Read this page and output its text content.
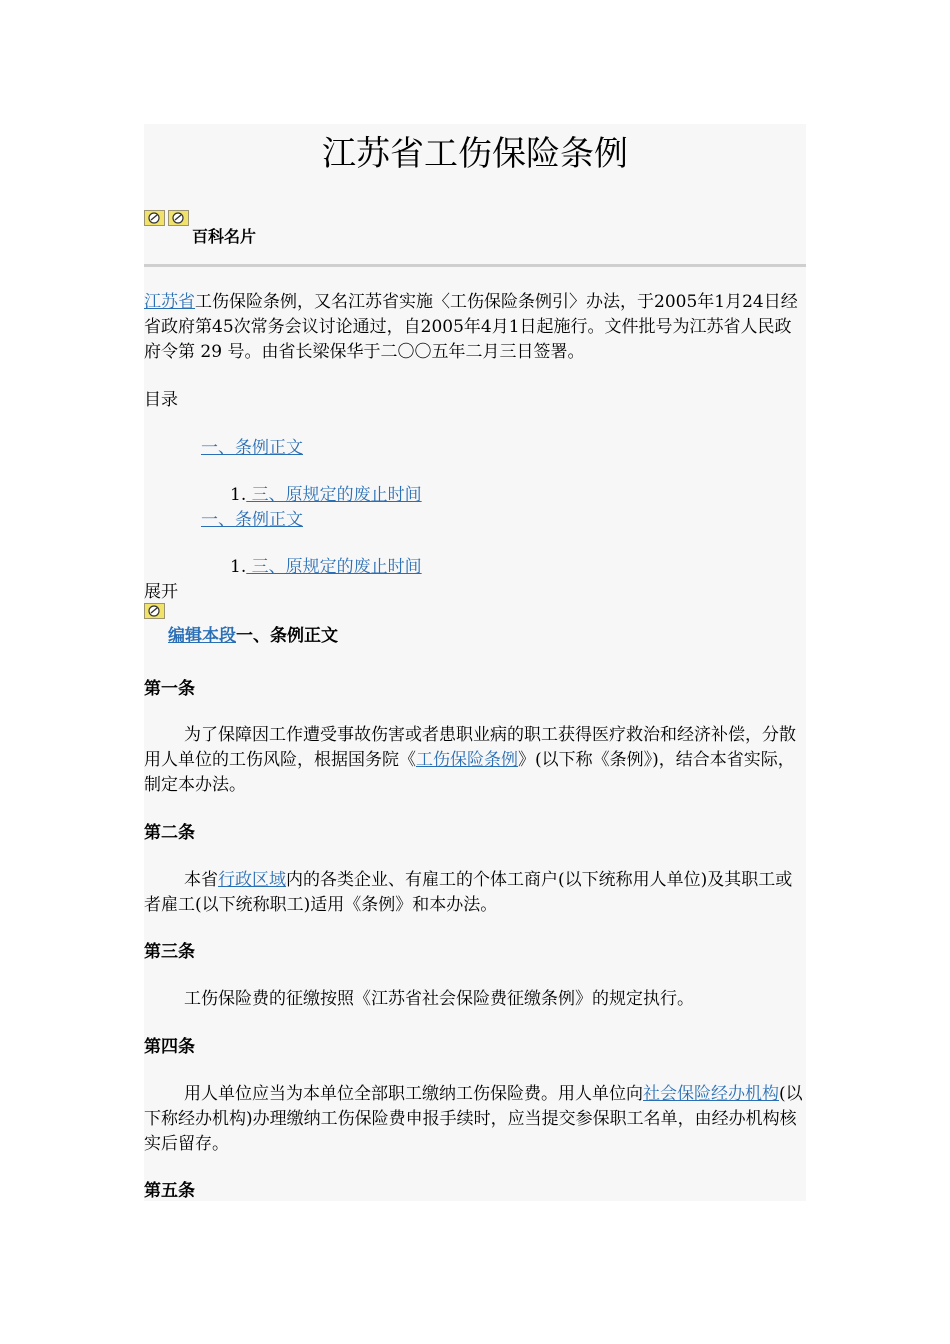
江苏省工伤保险条例
百科名片

江苏省工伤保险条例，又名江苏省实施〈工伤保险条例引〉办法，于2005年1月24日经省政府第45次常务会议讨论通过，自2005年4月1日起施行。文件批号为江苏省人民政府令第 29 号。由省长梁保华于二〇〇五年二月三日签署。

目录
一、条例正文
1. 三、原规定的废止时间
一、条例正文
1. 三、原规定的废止时间
展开
编辑本段一、条例正文
第一条

为了保障因工作遭受事故伤害或者患职业病的职工获得医疗救治和经济补偿，分散用人单位的工伤风险，根据国务院《工伤保险条例》(以下称《条例》)，结合本省实际，制定本办法。

第二条

本省行政区域内的各类企业、有雇工的个体工商户(以下统称用人单位)及其职工或者雇工(以下统称职工)适用《条例》和本办法。

第三条

工伤保险费的征缴按照《江苏省社会保险费征缴条例》的规定执行。

第四条

用人单位应当为本单位全部职工缴纳工伤保险费。用人单位向社会保险经办机构(以下称经办机构)办理缴纳工伤保险费申报手续时，应当提交参保职工名单，由经办机构核实后留存。

第五条
